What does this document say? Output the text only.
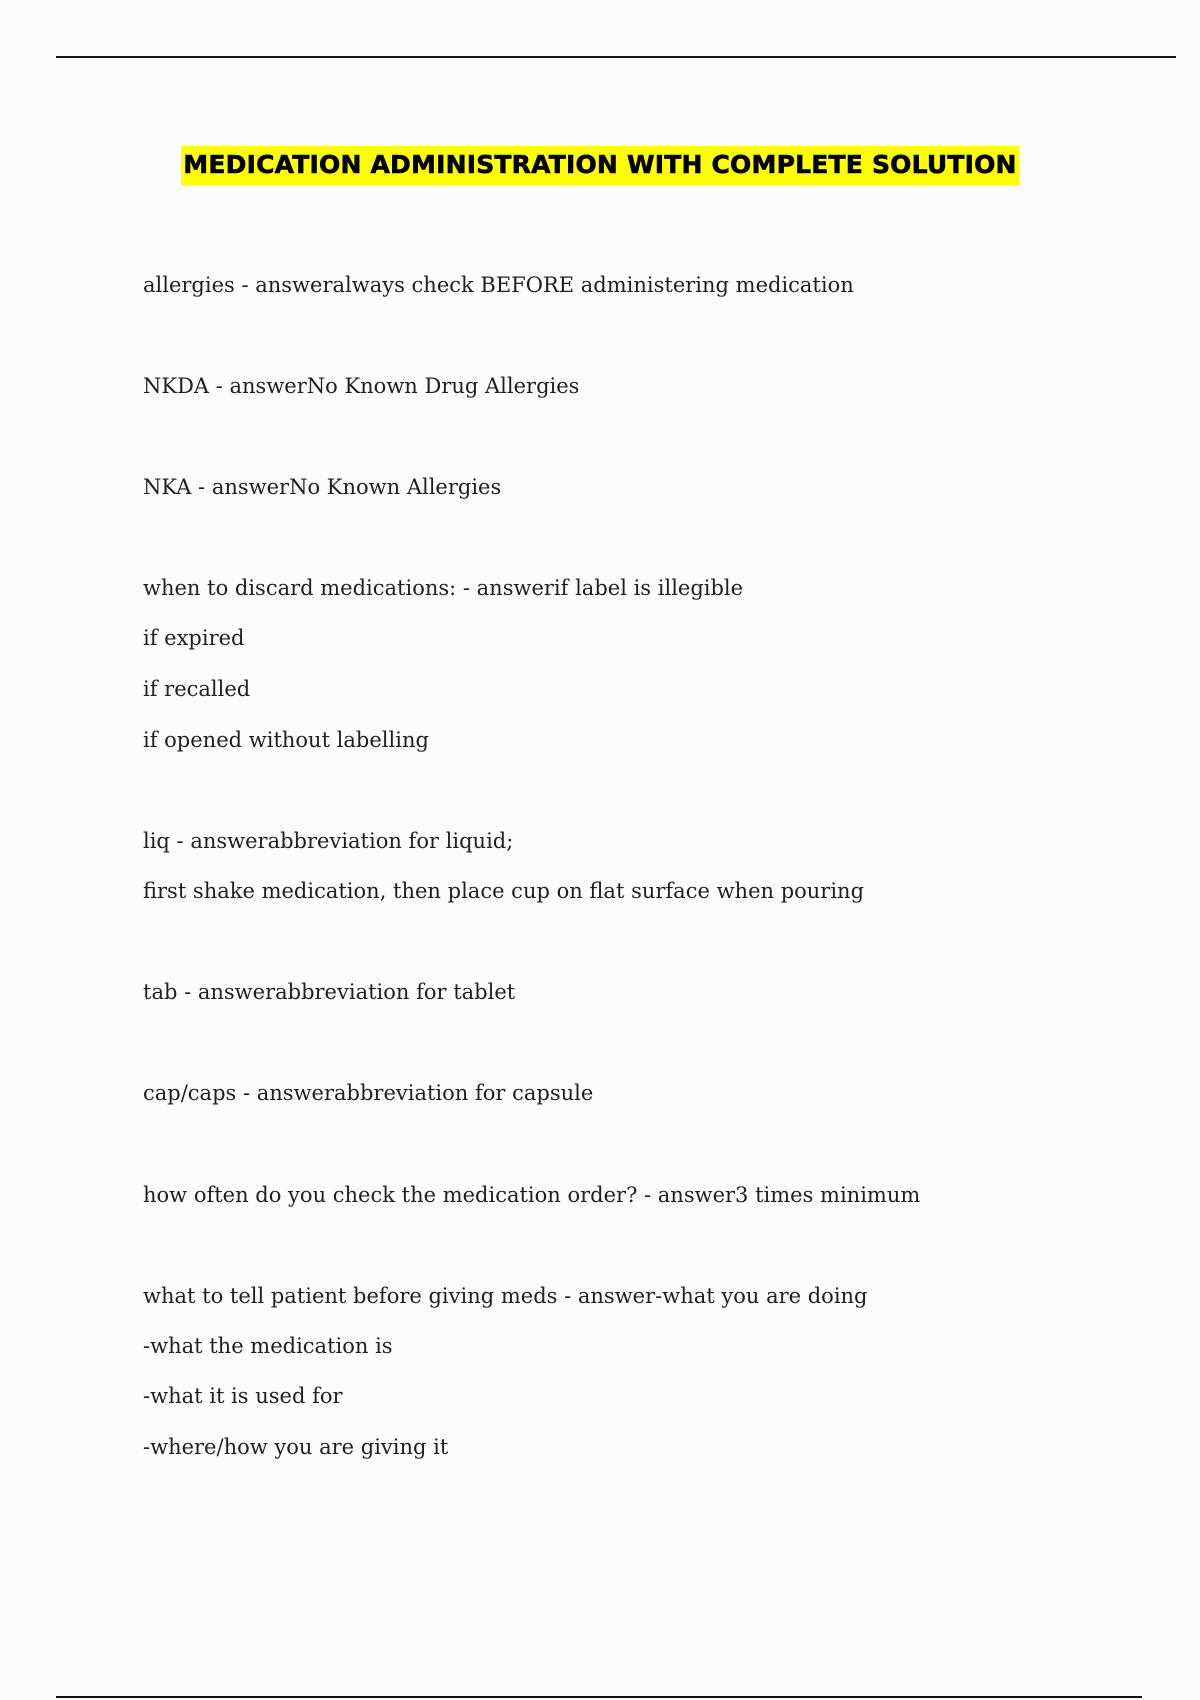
MEDICATION ADMINISTRATION WITH COMPLETE SOLUTION
allergies - answeralways check BEFORE administering medication
NKDA - answerNo Known Drug Allergies
NKA - answerNo Known Allergies
when to discard medications: - answerif label is illegible
if expired
if recalled
if opened without labelling
liq - answerabbreviation for liquid;
first shake medication, then place cup on flat surface when pouring
tab - answerabbreviation for tablet
cap/caps - answerabbreviation for capsule
how often do you check the medication order? - answer3 times minimum
what to tell patient before giving meds - answer-what you are doing
-what the medication is
-what it is used for
-where/how you are giving it
